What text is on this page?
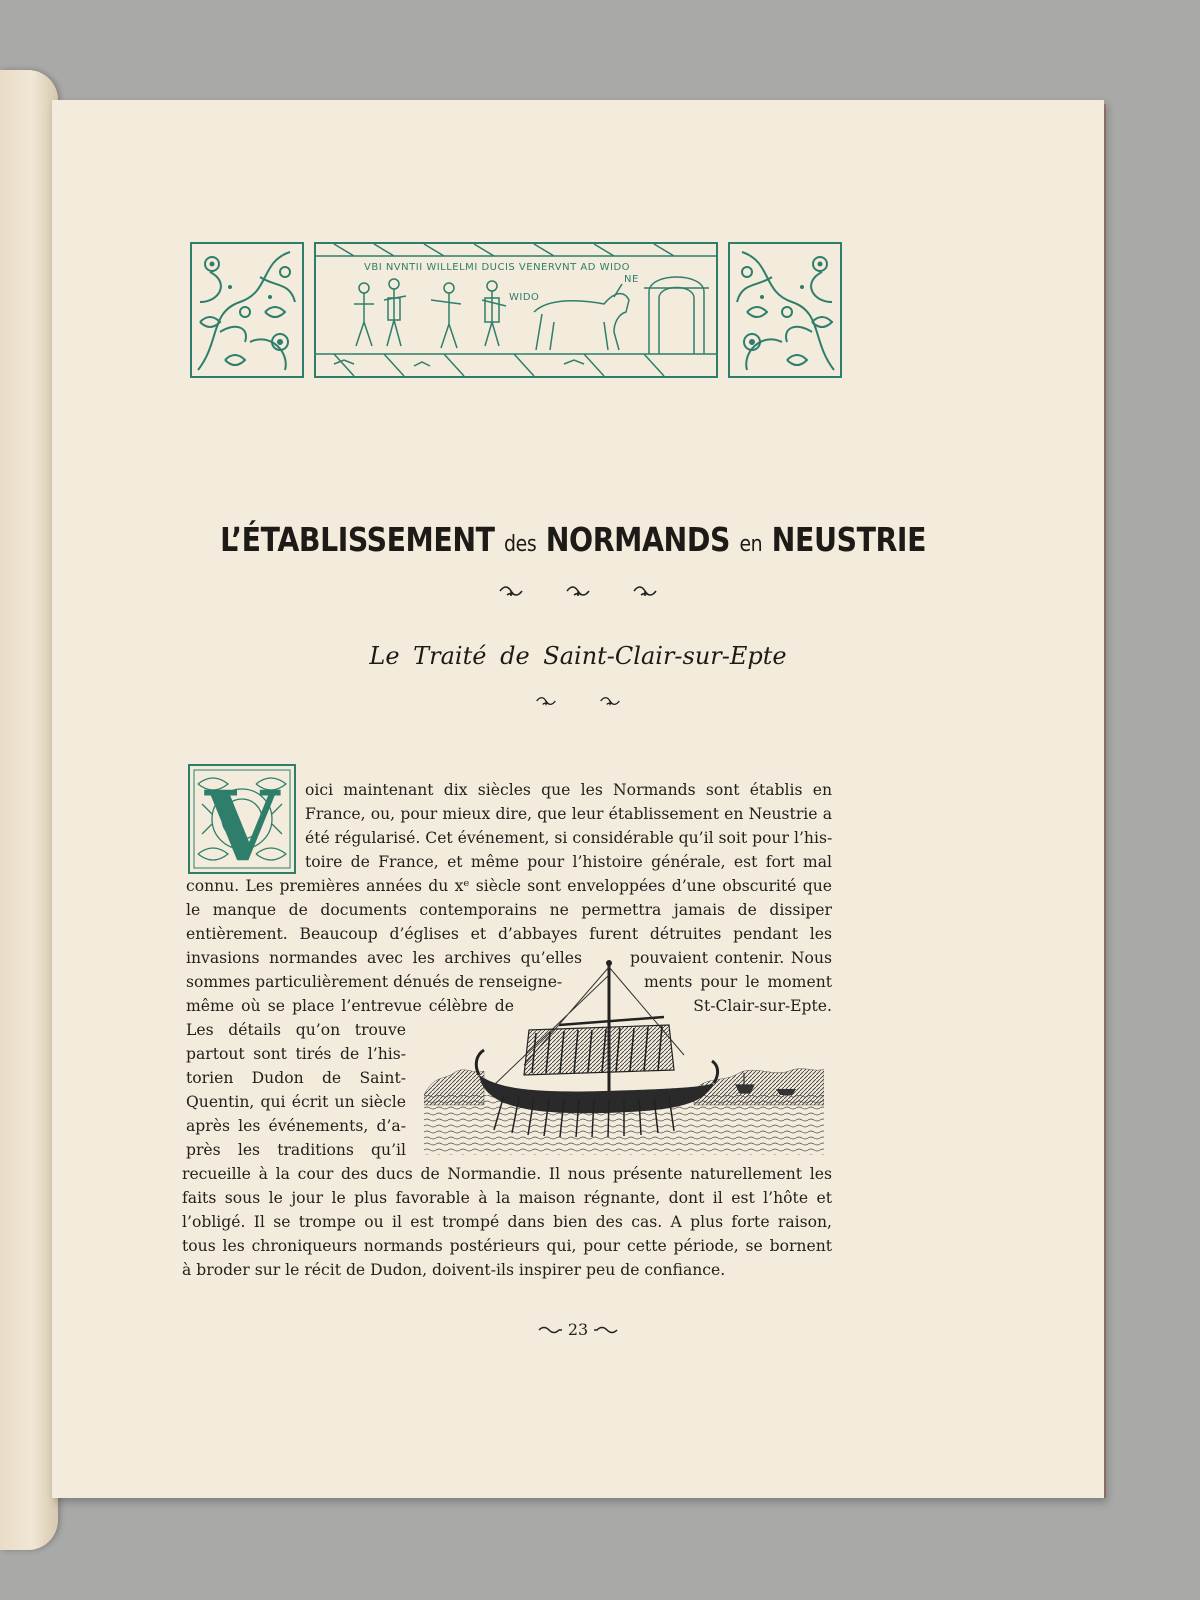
VBI NVNTII WILLELMI DUCIS VENERVNT AD WIDO
NE
WIDO
L’ÉTABLISSEMENT des NORMANDS en NEUSTRIE

Le Traité de Saint-Clair-sur-Epte

V oici maintenant dix siècles que les Normands sont établis en
France, ou, pour mieux dire, que leur établissement en Neustrie a
été régularisé. Cet événement, si considérable qu’il soit pour l’his-
toire de France, et même pour l’histoire générale, est fort mal
connu. Les premières années du xᵉ siècle sont enveloppées d’une obscurité que
le manque de documents contemporains ne permettra jamais de dissiper
entièrement. Beaucoup d’églises et d’abbayes furent détruites pendant les
invasions normandes avec les archives qu’elles	pouvaient contenir. Nous
sommes particulièrement dénués de renseigne-	ments pour le moment
même où se place l’entrevue célèbre de	St-Clair-sur-Epte.
Les détails qu’on trouve
partout sont tirés de l’his-
torien Dudon de Saint-
Quentin, qui écrit un siècle
après les événements, d’a-
près les traditions qu’il
recueille à la cour des ducs de Normandie. Il nous présente naturellement les
faits sous le jour le plus favorable à la maison régnante, dont il est l’hôte et
l’obligé. Il se trompe ou il est trompé dans bien des cas. A plus forte raison,
tous les chroniqueurs normands postérieurs qui, pour cette période, se bornent
à broder sur le récit de Dudon, doivent-ils inspirer peu de confiance.
23
